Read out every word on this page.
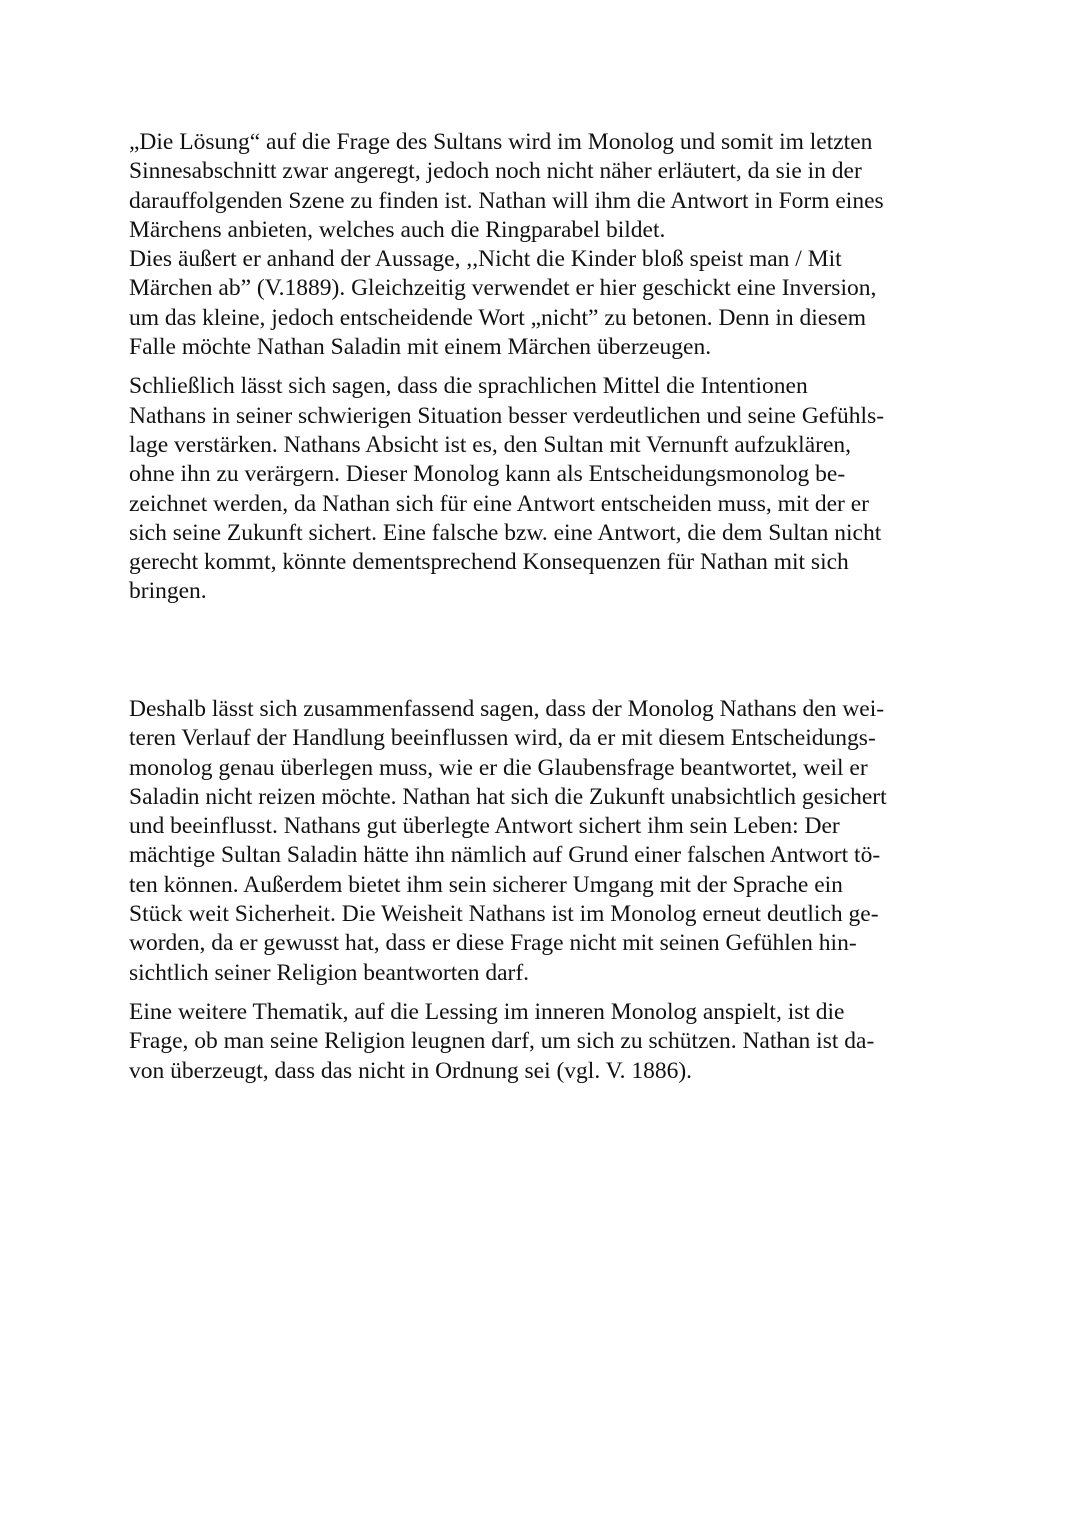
„Die Lösung“ auf die Frage des Sultans wird im Monolog und somit im letzten
Sinnesabschnitt zwar angeregt, jedoch noch nicht näher erläutert, da sie in der
darauffolgenden Szene zu finden ist. Nathan will ihm die Antwort in Form eines
Märchens anbieten, welches auch die Ringparabel bildet.
Dies äußert er anhand der Aussage, ,,Nicht die Kinder bloß speist man / Mit
Märchen ab” (V.1889). Gleichzeitig verwendet er hier geschickt eine Inversion,
um das kleine, jedoch entscheidende Wort „nicht” zu betonen. Denn in diesem
Falle möchte Nathan Saladin mit einem Märchen überzeugen.
Schließlich lässt sich sagen, dass die sprachlichen Mittel die Intentionen
Nathans in seiner schwierigen Situation besser verdeutlichen und seine Gefühls-
lage verstärken. Nathans Absicht ist es, den Sultan mit Vernunft aufzuklären,
ohne ihn zu verärgern. Dieser Monolog kann als Entscheidungsmonolog be-
zeichnet werden, da Nathan sich für eine Antwort entscheiden muss, mit der er
sich seine Zukunft sichert. Eine falsche bzw. eine Antwort, die dem Sultan nicht
gerecht kommt, könnte dementsprechend Konsequenzen für Nathan mit sich
bringen.
Deshalb lässt sich zusammenfassend sagen, dass der Monolog Nathans den wei-
teren Verlauf der Handlung beeinflussen wird, da er mit diesem Entscheidungs-
monolog genau überlegen muss, wie er die Glaubensfrage beantwortet, weil er
Saladin nicht reizen möchte. Nathan hat sich die Zukunft unabsichtlich gesichert
und beeinflusst. Nathans gut überlegte Antwort sichert ihm sein Leben: Der
mächtige Sultan Saladin hätte ihn nämlich auf Grund einer falschen Antwort tö-
ten können. Außerdem bietet ihm sein sicherer Umgang mit der Sprache ein
Stück weit Sicherheit. Die Weisheit Nathans ist im Monolog erneut deutlich ge-
worden, da er gewusst hat, dass er diese Frage nicht mit seinen Gefühlen hin-
sichtlich seiner Religion beantworten darf.
Eine weitere Thematik, auf die Lessing im inneren Monolog anspielt, ist die
Frage, ob man seine Religion leugnen darf, um sich zu schützen. Nathan ist da-
von überzeugt, dass das nicht in Ordnung sei (vgl. V. 1886).
